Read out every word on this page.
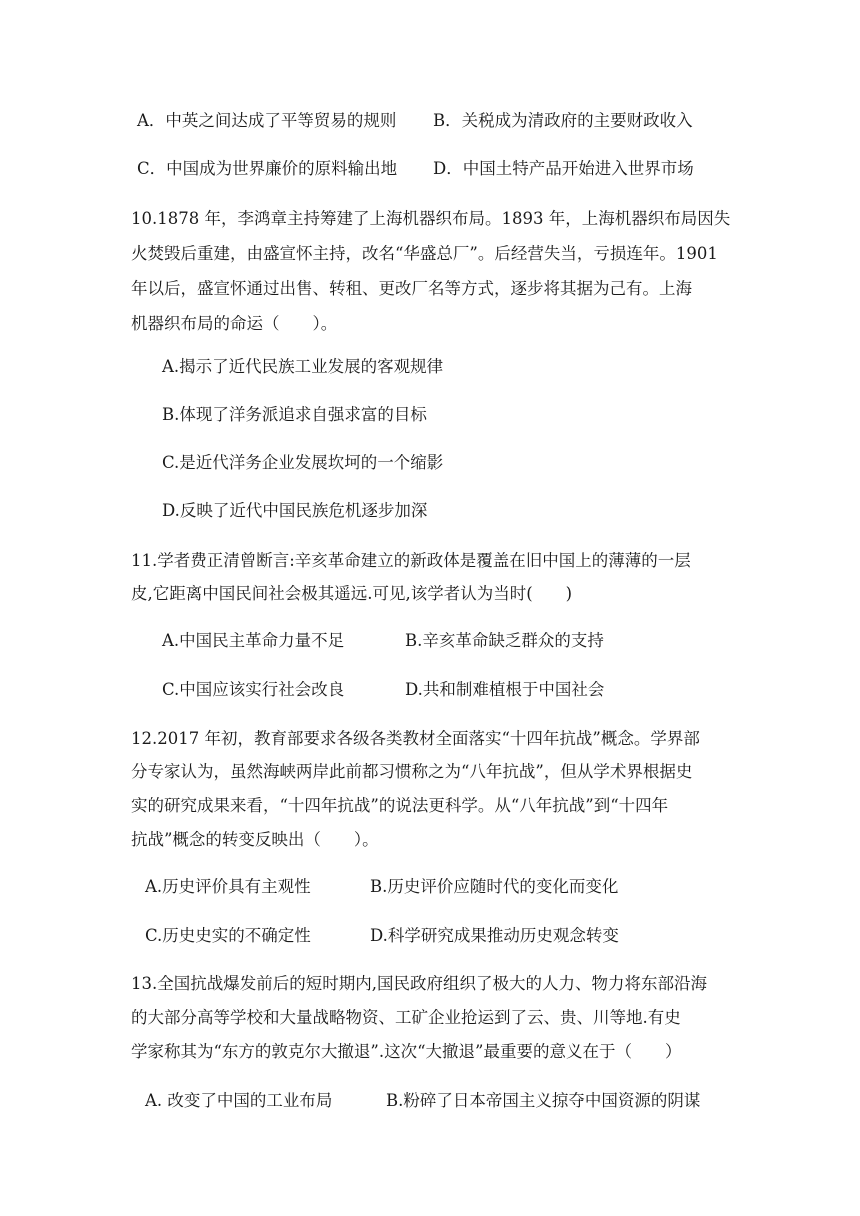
A．中英之间达成了平等贸易的规则 B．关税成为清政府的主要财政收入
C．中国成为世界廉价的原料输出地 D．中国土特产品开始进入世界市场
10.1878 年，李鸿章主持筹建了上海机器织布局。1893 年，上海机器织布局因失
火焚毁后重建，由盛宣怀主持，改名“华盛总厂”。后经营失当，亏损连年。1901
年以后，盛宣怀通过出售、转租、更改厂名等方式，逐步将其据为己有。上海
机器织布局的命运（　　）。
A.揭示了近代民族工业发展的客观规律
B.体现了洋务派追求自强求富的目标
C.是近代洋务企业发展坎坷的一个缩影
D.反映了近代中国民族危机逐步加深
11.学者费正清曾断言:辛亥革命建立的新政体是覆盖在旧中国上的薄薄的一层
皮,它距离中国民间社会极其遥远.可见,该学者认为当时(　　)
A.中国民主革命力量不足	B.辛亥革命缺乏群众的支持
C.中国应该实行社会改良	D.共和制难植根于中国社会
12.2017 年初，教育部要求各级各类教材全面落实“十四年抗战”概念。学界部
分专家认为，虽然海峡两岸此前都习惯称之为“八年抗战”，但从学术界根据史
实的研究成果来看，“十四年抗战”的说法更科学。从“八年抗战”到“十四年
抗战”概念的转变反映出（　　）。
A.历史评价具有主观性	B.历史评价应随时代的变化而变化
C.历史史实的不确定性	D.科学研究成果推动历史观念转变
13.全国抗战爆发前后的短时期内,国民政府组织了极大的人力、物力将东部沿海
的大部分高等学校和大量战略物资、工矿企业抢运到了云、贵、川等地.有史
学家称其为“东方的敦克尔大撤退”.这次“大撤退”最重要的意义在于（　　）
A. 改变了中国的工业布局	B.粉碎了日本帝国主义掠夺中国资源的阴谋
